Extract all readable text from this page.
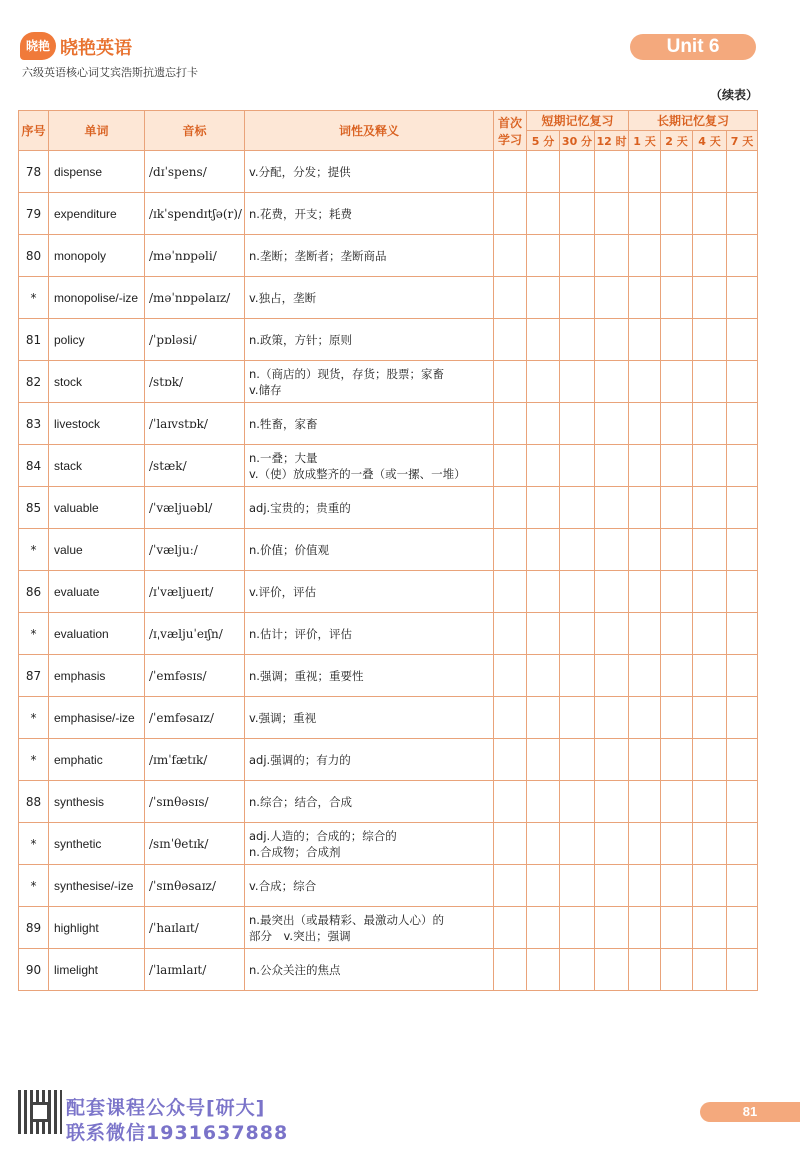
晓艳 晓艳英语
六级英语核心词艾宾浩斯抗遗忘打卡
Unit 6
（续表）
序号	单词	音标	词性及释义	首次学习	短期记忆复习			长期记忆复习			
					5 分	30 分	12 时	1 天	2 天	4 天	7 天
78	dispense	/dɪˈspens/	v.分配，分发；提供								

79	expenditure	/ɪkˈspendɪtʃə(r)/	n.花费，开支；耗费								

80	monopoly	/məˈnɒpəli/	n.垄断；垄断者；垄断商品								

*	monopolise/-ize	/məˈnɒpəlaɪz/	v.独占，垄断								

81	policy	/ˈpɒləsi/	n.政策，方针；原则								

82	stock	/stɒk/	n.（商店的）现货，存货；股票；家畜
v.储存								

83	livestock	/ˈlaɪvstɒk/	n.牲畜，家畜								

84	stack	/stæk/	n.一叠；大量
v.（使）放成整齐的一叠（或一摞、一堆）								

85	valuable	/ˈvæljuəbl/	adj.宝贵的；贵重的								

*	value	/ˈvæljuː/	n.价值；价值观								

86	evaluate	/ɪˈvæljueɪt/	v.评价，评估								

*	evaluation	/ɪˌvæljuˈeɪʃn/	n.估计；评价，评估								

87	emphasis	/ˈemfəsɪs/	n.强调；重视；重要性								

*	emphasise/-ize	/ˈemfəsaɪz/	v.强调；重视								

*	emphatic	/ɪmˈfætɪk/	adj.强调的；有力的								

88	synthesis	/ˈsɪnθəsɪs/	n.综合；结合，合成								

*	synthetic	/sɪnˈθetɪk/	adj.人造的；合成的；综合的
n.合成物；合成剂								

*	synthesise/-ize	/ˈsɪnθəsaɪz/	v.合成；综合								

89	highlight	/ˈhaɪlaɪt/	n.最突出（或最精彩、最激动人心）的
部分　v.突出；强调								

90	limelight	/ˈlaɪmlaɪt/	n.公众关注的焦点								

配套课程公众号[研大]
联系微信1931637888
81
